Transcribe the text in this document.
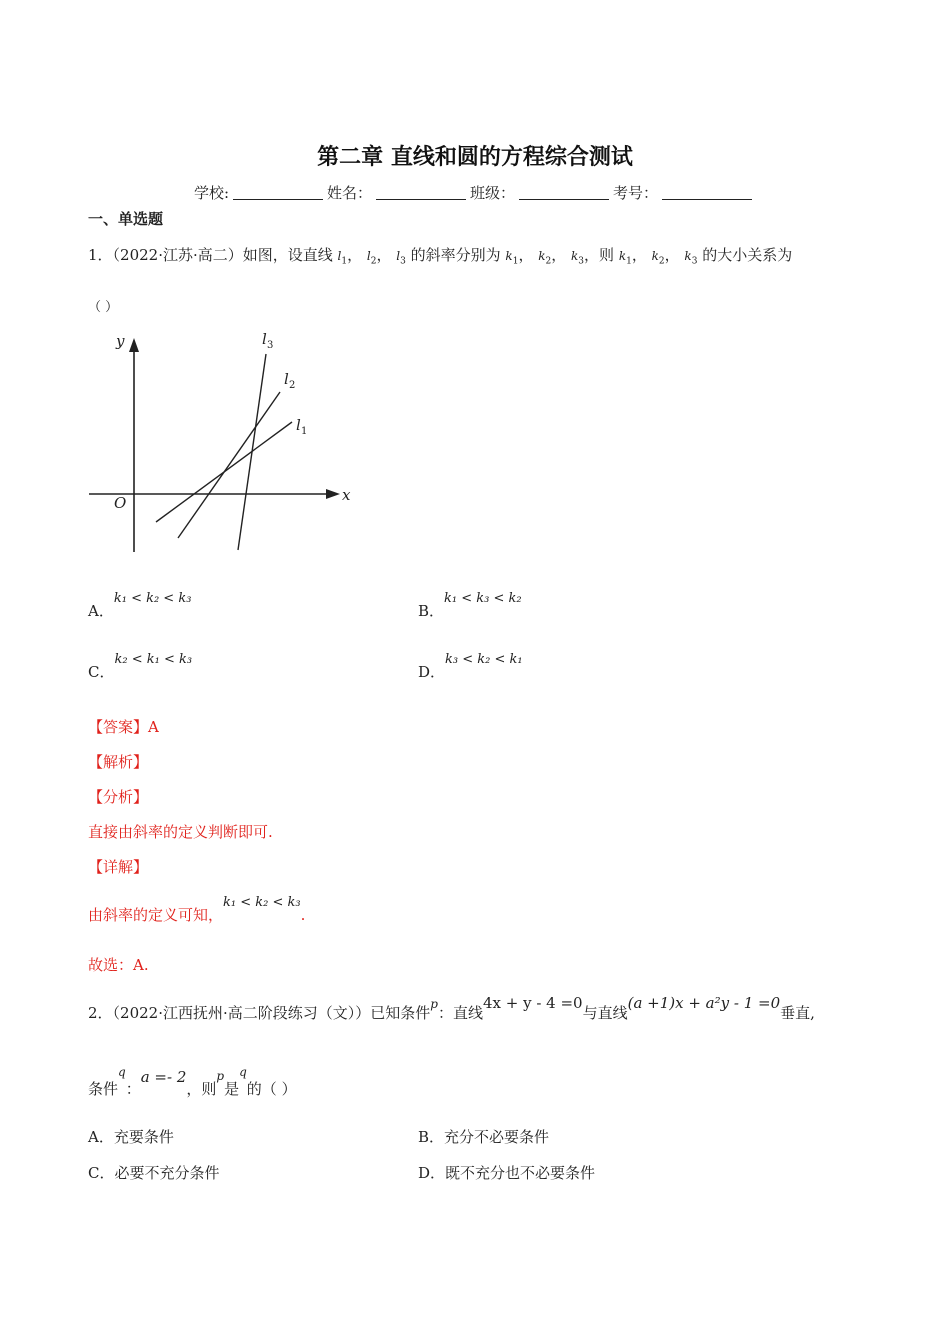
第二章 直线和圆的方程综合测试
学校:	姓名：	班级：	考号：
一、单选题
1．（2022·江苏·高二）如图，设直线 $l_1$， $l_2$， $l_3$ 的斜率分别为 $k_1$， $k_2$， $k_3$，则 $k_1$， $k_2$， $k_3$ 的大小关系为
（ ）
y
x
O
l 3
l 2
l 1
A．k₁ < k₂ < k₃
B．k₁ < k₃ < k₂
C．k₂ < k₁ < k₃
D．k₃ < k₂ < k₁
【答案】A
【解析】
【分析】
直接由斜率的定义判断即可.
【详解】
由斜率的定义可知，k₁ < k₂ < k₃.
故选：A.
2．（2022·江西抚州·高二阶段练习（文））已知条件$^p$：直线4x + y - 4 =0与直线(a +1)x + a²y - 1 =0垂直,
条件$^q$：a =- 2，则$^p$是$^q$的（ ）
A．充要条件	B．充分不必要条件
C．必要不充分条件	D．既不充分也不必要条件
